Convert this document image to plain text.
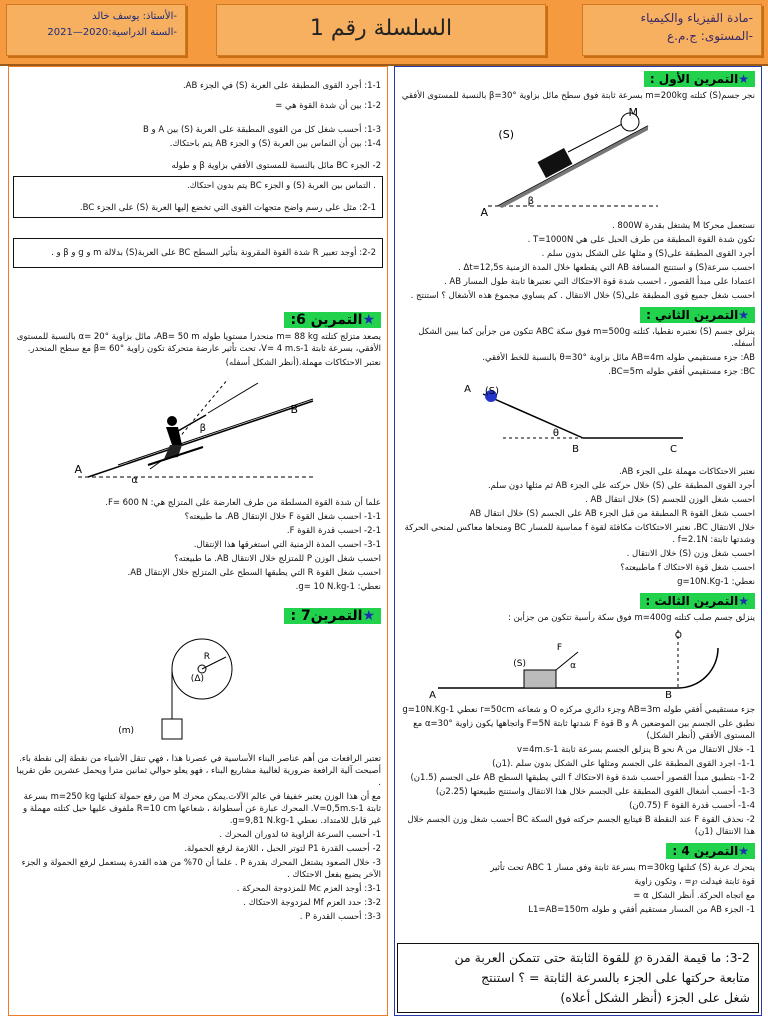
-الأستاذ: يوسف خالد
-السنة الدراسية:2020—2021	السلسلة رقم 1	-مادة الفيزياء والكيمياء
-المستوى: ج.م.ع
1-1: أجرد القوى المطبقة على العربة (S) في الجزء AB.
1-2: بين أن شدة القوة هي =
1-3: أحسب شغل كل من القوى المطبقة على العربة (S) بين A و B
1-4: بين أن التماس بين العربة (S) و الجزء AB يتم باحتكاك.
2- الجزء BC مائل بالنسبة للمستوى الأفقي بزاوية β و طوله
. التماس بين العربة (S) و الجزء BC يتم بدون احتكاك.
2-1: مثل على رسم واضح متجهات القوى التي تخضع إليها العربة (S) على الجزء BC.
2-2: أوجد تعبير R شدة القوة المقرونة بتأثير السطح BC على العربة(S) بدلالة m و g و β و .
★التمرين 6:
يصعد متزلج كتلته m= 88 kg منحدرا مستويا طوله AB= 50 m، مائل بزاوية α= 20° بالنسبة للمستوى الأفقي، بسرعة ثابتة V= 4 m.s-1، تحت تأثير عارضة متحركة تكون زاوية β= 60° مع سطح المنحدر.
نعتبر الاحتكاكات مهملة.(أنظر الشكل أسفله)
A
B
α
β
علما أن شدة القوة المسلطة من طرف العارضة على المتزلج هي: F= 600 N.
1-1- احسب شغل القوة F خلال الإنتقال AB. ما طبيعته؟
2-1- احسب قدرة القوة F.
3-1- احسب المدة الزمنية التي استغرقها هذا الإنتقال.
احسب شغل الوزن P للمتزلج خلال الانتقال AB. ما طبيعته؟
احسب شغل القوة R التي يطبقها السطح على المتزلج خلال الإنتقال AB.
نعطي: g= 10 N.kg-1.
★التمرين7 :
R
(Δ)
(m)
تعتبر الرافعات من أهم عناصر البناء الأساسية في عصرنا هذا ، فهي تنقل الأشياء من نقطة إلى نقطة باء. أصبحت آلية الرافعة ضرورية لغالبية مشاريع البناء ، فهو يعلو حوالي ثمانين مترا ويحمل عشرين طن تقريبا .
مع أن هذا الوزن يعتبر خفيفا في عالم الآلات.يمكن محرك M من رفع حمولة كتلتها m=250 kg بسرعة ثابتة V=0,5m.s-1. المحرك عبارة عن أسطوانة ، شعاعها R=10 cm ملفوف عليها حبل كتلته مهملة و غير قابل للامتداد. نعطي g=9,81 N.kg-1.
1- أحسب السرعة الزاوية ω لدوران المحرك .
2- أحسب القدرة P1 لتوتر الحبل ، اللازمة لرفع الحمولة.
3- خلال الصعود يشتغل المحرك بقدرة P . علما أن 70% من هذه القدرة يستعمل لرفع الحمولة و الجزء الآخر يضيع بفعل الاحتكاك .
3-1: أوجد العزم Mc للمزدوجة المحركة .
3-2: حدد العزم Mf لمزدوجة الاحتكاك .
3-3: أحسب القدرة P .
★التمرين الأول :
نجر جسم(S) كتلته m=200kg بسرعة ثابتة فوق سطح مائل بزاوية β=30° بالنسبة للمستوى الأفقي
(S)
M
A
β
نستعمل محركا M يشتغل بقدرة 800W .
تكون شدة القوة المطبقة من طرف الحبل على هي T=1000N .
أجرد القوى المطبقة على(S) و مثلها على الشكل بدون سلم .
احسب سرعة(S) و استنتج المسافة AB التي يقطعها خلال المدة الزمنية Δt=12,5s .
اعتمادا على مبدأ القصور ، احسب شدة قوة الاحتكاك التي نعتبرها ثابتة طول المسار AB .
احسب شغل جميع قوى المطبقة على(S) خلال الانتقال . كم يساوي مجموع هذه الأشغال ؟ استنتج .
★التمرين الثاني :
ينزلق جسم (S) نعتبره نقطيا، كتلته m=500g فوق سكة ABC تتكون من جزأين كما يبين الشكل أسفله.
AB: جزء مستقيمي طوله AB=4m مائل بزاوية θ=30° بالنسبة للخط الأفقي.
BC: جزء مستقيمي أفقي طوله BC=5m.
A (S)
θ
B	C
نعتبر الاحتكاكات مهملة على الجزء AB.
أجرد القوى المطبقة على (S) خلال حركته على الجزء AB ثم مثلها دون سلم.
احسب شغل الوزن للجسم (S) خلال انتقال AB .
احسب شغل القوة R المطبقة من قبل الجزء AB على الجسم (S) خلال انتقال AB
خلال الانتقال BC، نعتبر الاحتكاكات مكافئة لقوة f مماسية للمسار BC ومنحاها معاكس لمنحى الحركة وشدتها ثابتة: f=2.1N .
احسب شغل وزن (S) خلال الانتقال .
احسب شغل قوة الاحتكاك f ماطبيعته؟
نعطي: g=10N.Kg-1
★التمرين الثالث :
ينزلق جسم صلب كتلته m=400g فوق سكة رأسية تتكون من جزأين :
(S)
F
α
A	B
O
جزء مستقيمي أفقي طوله AB=3m وجزء دائري مركزه O و شعاعه r=50cm نعطي g=10N.Kg-1
نطبق على الجسم بين الموضعين A و B قوة F شدتها ثابتة F=5N واتجاهها يكون زاوية α=30° مع المستوى الأفقي (أنظر الشكل)
1- خلال الانتقال من A نحو B ينزلق الجسم بسرعة ثابتة v=4m.s-1
1-1- اجرد القوى المطبقة على الجسم ومثلها على الشكل بدون سلم .(1ن)
1-2- بتطبيق مبدأ القصور أحسب شدة قوة الاحتكاك f التي يطبقها السطح AB على الجسم (1.5ن)
1-3- أحسب أشغال القوى المطبقة على الجسم خلال هذا الانتقال واستنتج طبيعتها (2.25ن)
1-4- أحسب قدرة القوة F (0.75ن)
2- نحذف القوة F عند النقطة B فيتابع الجسم حركته فوق السكة BC أحسب شغل وزن الجسم خلال هذا الانتقال (1ن)
★التمرين 4 :
يتحرك عربة (S) كتلتها m=30kg بسرعة ثابتة وفق مسار ABC 1 تحت تأثير
قوة ثابتة فيدلت ℘= ، وتكون زاوية
مع اتجاه الحركة. أنظر الشكل α =
1- الجزء AB من المسار مستقيم أفقي و طوله L1=AB=150m
3-2: ما قيمة القدرة ℘ للقوة الثابتة حتى تتمكن العربة من
متابعة حركتها على الجزء بالسرعة الثابتة = ؟ استنتج
شغل على الجزء (أنظر الشكل أعلاه)
